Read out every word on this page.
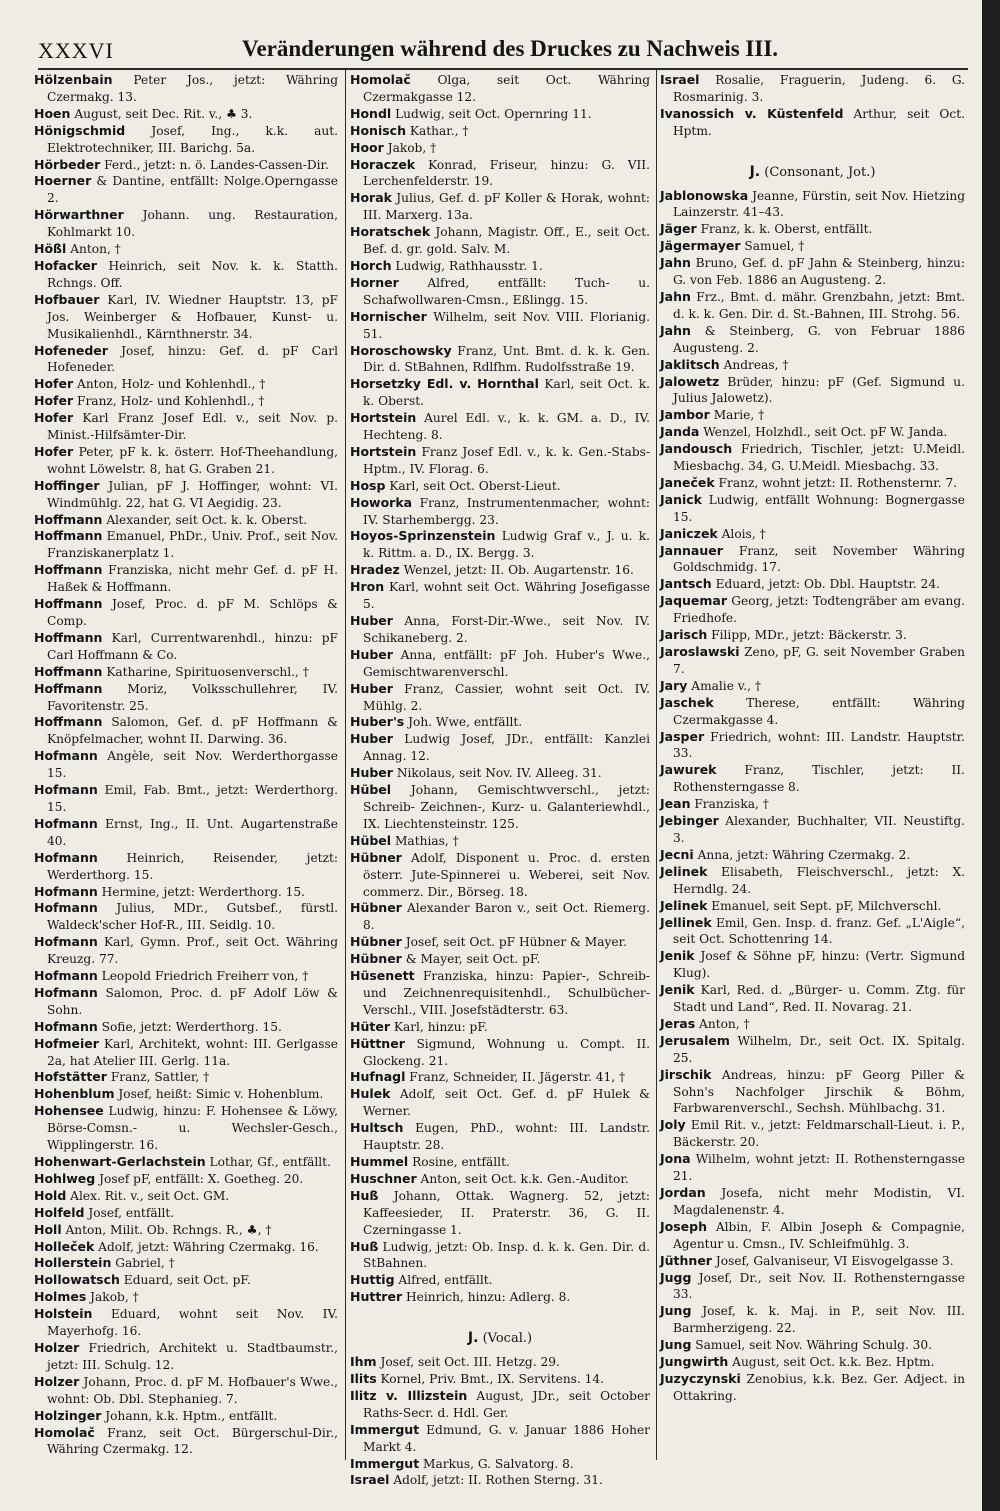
XXXVI	Veränderungen während des Druckes zu Nachweis III.
Hölzenbain Peter Jos., jetzt: Währing Czermakg. 13.
Hoen August, seit Dec. Rit. v., ♣ 3.
Hönigschmid Josef, Ing., k.k. aut. Elektrotechniker, III. Barichg. 5a.
Hörbeder Ferd., jetzt: n. ö. Landes-Cassen-Dir.
Hoerner & Dantine, entfällt: Nolge.Operngasse 2.
Hörwarthner Johann. ung. Restauration, Kohlmarkt 10.
Hößl Anton, †
Hofacker Heinrich, seit Nov. k. k. Statth. Rchngs. Off.
Hofbauer Karl, IV. Wiedner Hauptstr. 13, pF Jos. Weinberger & Hofbauer, Kunst- u. Musikalienhdl., Kärnthnerstr. 34.
Hofeneder Josef, hinzu: Gef. d. pF Carl Hofeneder.
Hofer Anton, Holz- und Kohlenhdl., †
Hofer Franz, Holz- und Kohlenhdl., †
Hofer Karl Franz Josef Edl. v., seit Nov. p. Minist.-Hilfsämter-Dir.
Hofer Peter, pF k. k. österr. Hof-Theehandlung, wohnt Löwelstr. 8, hat G. Graben 21.
Hoffinger Julian, pF J. Hoffinger, wohnt: VI. Windmühlg. 22, hat G. VI Aegidig. 23.
Hoffmann Alexander, seit Oct. k. k. Oberst.
Hoffmann Emanuel, PhDr., Univ. Prof., seit Nov. Franziskanerplatz 1.
Hoffmann Franziska, nicht mehr Gef. d. pF H. Haßek & Hoffmann.
Hoffmann Josef, Proc. d. pF M. Schlöps & Comp.
Hoffmann Karl, Currentwarenhdl., hinzu: pF Carl Hoffmann & Co.
Hoffmann Katharine, Spirituosenverschl., †
Hoffmann Moriz, Volksschullehrer, IV. Favoritenstr. 25.
Hoffmann Salomon, Gef. d. pF Hoffmann & Knöpfelmacher, wohnt II. Darwing. 36.
Hofmann Angèle, seit Nov. Werderthorgasse 15.
Hofmann Emil, Fab. Bmt., jetzt: Werderthorg. 15.
Hofmann Ernst, Ing., II. Unt. Augartenstraße 40.
Hofmann Heinrich, Reisender, jetzt: Werderthorg. 15.
Hofmann Hermine, jetzt: Werderthorg. 15.
Hofmann Julius, MDr., Gutsbef., fürstl. Waldeck'scher Hof-R., III. Seidlg. 10.
Hofmann Karl, Gymn. Prof., seit Oct. Währing Kreuzg. 77.
Hofmann Leopold Friedrich Freiherr von, †
Hofmann Salomon, Proc. d. pF Adolf Löw & Sohn.
Hofmann Sofie, jetzt: Werderthorg. 15.
Hofmeier Karl, Architekt, wohnt: III. Gerlgasse 2a, hat Atelier III. Gerlg. 11a.
Hofstätter Franz, Sattler, †
Hohenblum Josef, heißt: Simic v. Hohenblum.
Hohensee Ludwig, hinzu: F. Hohensee & Löwy, Börse-Comsn.- u. Wechsler-Gesch., Wipplingerstr. 16.
Hohenwart-Gerlachstein Lothar, Gf., entfällt.
Hohlweg Josef pF, entfällt: X. Goetheg. 20.
Hold Alex. Rit. v., seit Oct. GM.
Holfeld Josef, entfällt.
Holl Anton, Milit. Ob. Rchngs. R., ♣, †
Holleček Adolf, jetzt: Währing Czermakg. 16.
Hollerstein Gabriel, †
Hollowatsch Eduard, seit Oct. pF.
Holmes Jakob, †
Holstein Eduard, wohnt seit Nov. IV. Mayerhofg. 16.
Holzer Friedrich, Architekt u. Stadtbaumstr., jetzt: III. Schulg. 12.
Holzer Johann, Proc. d. pF M. Hofbauer's Wwe., wohnt: Ob. Dbl. Stephanieg. 7.
Holzinger Johann, k.k. Hptm., entfällt.
Homolač Franz, seit Oct. Bürgerschul-Dir., Währing Czermakg. 12.
Homolač Olga, seit Oct. Währing Czermakgasse 12.
Hondl Ludwig, seit Oct. Opernring 11.
Honisch Kathar., †
Hoor Jakob, †
Horaczek Konrad, Friseur, hinzu: G. VII. Lerchenfelderstr. 19.
Horak Julius, Gef. d. pF Koller & Horak, wohnt: III. Marxerg. 13a.
Horatschek Johann, Magistr. Off., E., seit Oct. Bef. d. gr. gold. Salv. M.
Horch Ludwig, Rathhausstr. 1.
Horner Alfred, entfällt: Tuch- u. Schafwollwaren-Cmsn., Eßlingg. 15.
Hornischer Wilhelm, seit Nov. VIII. Florianig. 51.
Horoschowsky Franz, Unt. Bmt. d. k. k. Gen. Dir. d. StBahnen, Rdlfhm. Rudolfsstraße 19.
Horsetzky Edl. v. Hornthal Karl, seit Oct. k. k. Oberst.
Hortstein Aurel Edl. v., k. k. GM. a. D., IV. Hechteng. 8.
Hortstein Franz Josef Edl. v., k. k. Gen.-Stabs-Hptm., IV. Florag. 6.
Hosp Karl, seit Oct. Oberst-Lieut.
Howorka Franz, Instrumentenmacher, wohnt: IV. Starhembergg. 23.
Hoyos-Sprinzenstein Ludwig Graf v., J. u. k. k. Rittm. a. D., IX. Bergg. 3.
Hradez Wenzel, jetzt: II. Ob. Augartenstr. 16.
Hron Karl, wohnt seit Oct. Währing Josefigasse 5.
Huber Anna, Forst-Dir.-Wwe., seit Nov. IV. Schikaneberg. 2.
Huber Anna, entfällt: pF Joh. Huber's Wwe., Gemischtwarenverschl.
Huber Franz, Cassier, wohnt seit Oct. IV. Mühlg. 2.
Huber's Joh. Wwe, entfällt.
Huber Ludwig Josef, JDr., entfällt: Kanzlei Annag. 12.
Huber Nikolaus, seit Nov. IV. Alleeg. 31.
Hübel Johann, Gemischtwverschl., jetzt: Schreib- Zeichnen-, Kurz- u. Galanteriewhdl., IX. Liechtensteinstr. 125.
Hübel Mathias, †
Hübner Adolf, Disponent u. Proc. d. ersten österr. Jute-Spinnerei u. Weberei, seit Nov. commerz. Dir., Börseg. 18.
Hübner Alexander Baron v., seit Oct. Riemerg. 8.
Hübner Josef, seit Oct. pF Hübner & Mayer.
Hübner & Mayer, seit Oct. pF.
Hüsenett Franziska, hinzu: Papier-, Schreib- und Zeichnenrequisitenhdl., Schulbücher-Verschl., VIII. Josefstädterstr. 63.
Hüter Karl, hinzu: pF.
Hüttner Sigmund, Wohnung u. Compt. II. Glockeng. 21.
Hufnagl Franz, Schneider, II. Jägerstr. 41, †
Hulek Adolf, seit Oct. Gef. d. pF Hulek & Werner.
Hultsch Eugen, PhD., wohnt: III. Landstr. Hauptstr. 28.
Hummel Rosine, entfällt.
Huschner Anton, seit Oct. k.k. Gen.-Auditor.
Huß Johann, Ottak. Wagnerg. 52, jetzt: Kaffeesieder, II. Praterstr. 36, G. II. Czerningasse 1.
Huß Ludwig, jetzt: Ob. Insp. d. k. k. Gen. Dir. d. StBahnen.
Huttig Alfred, entfällt.
Huttrer Heinrich, hinzu: Adlerg. 8.
J. (Vocal.)
Ihm Josef, seit Oct. III. Hetzg. 29.
Ilits Kornel, Priv. Bmt., IX. Servitens. 14.
Ilitz v. Illizstein August, JDr., seit October Raths-Secr. d. Hdl. Ger.
Immergut Edmund, G. v. Januar 1886 Hoher Markt 4.
Immergut Markus, G. Salvatorg. 8.
Israel Adolf, jetzt: II. Rothen Sterng. 31.
Israel Rosalie, Fraguerin, Judeng. 6. G. Rosmarinig. 3.
Ivanossich v. Küstenfeld Arthur, seit Oct. Hptm.
J. (Consonant, Jot.)
Jablonowska Jeanne, Fürstin, seit Nov. Hietzing Lainzerstr. 41–43.
Jäger Franz, k. k. Oberst, entfällt.
Jägermayer Samuel, †
Jahn Bruno, Gef. d. pF Jahn & Steinberg, hinzu: G. von Feb. 1886 an Augusteng. 2.
Jahn Frz., Bmt. d. mähr. Grenzbahn, jetzt: Bmt. d. k. k. Gen. Dir. d. St.-Bahnen, III. Strohg. 56.
Jahn & Steinberg, G. von Februar 1886 Augusteng. 2.
Jaklitsch Andreas, †
Jalowetz Brüder, hinzu: pF (Gef. Sigmund u. Julius Jalowetz).
Jambor Marie, †
Janda Wenzel, Holzhdl., seit Oct. pF W. Janda.
Jandousch Friedrich, Tischler, jetzt: U.Meidl. Miesbachg. 34, G. U.Meidl. Miesbachg. 33.
Janeček Franz, wohnt jetzt: II. Rothensternr. 7.
Janick Ludwig, entfällt Wohnung: Bognergasse 15.
Janiczek Alois, †
Jannauer Franz, seit November Währing Goldschmidg. 17.
Jantsch Eduard, jetzt: Ob. Dbl. Hauptstr. 24.
Jaquemar Georg, jetzt: Todtengräber am evang. Friedhofe.
Jarisch Filipp, MDr., jetzt: Bäckerstr. 3.
Jaroslawski Zeno, pF, G. seit November Graben 7.
Jary Amalie v., †
Jaschek	Therese, entfällt: Währing Czermakgasse 4.
Jasper Friedrich, wohnt: III. Landstr. Hauptstr. 33.
Jawurek Franz, Tischler, jetzt: II. Rothensterngasse 8.
Jean Franziska, †
Jebinger Alexander, Buchhalter, VII. Neustiftg. 3.
Jecni Anna, jetzt: Währing Czermakg. 2.
Jelinek Elisabeth, Fleischverschl., jetzt: X. Herndlg. 24.
Jelinek Emanuel, seit Sept. pF, Milchverschl.
Jellinek Emil, Gen. Insp. d. franz. Gef. „L'Aigle“, seit Oct. Schottenring 14.
Jenik Josef & Söhne pF, hinzu: (Vertr. Sigmund Klug).
Jenik Karl, Red. d. „Bürger- u. Comm. Ztg. für Stadt und Land“, Red. II. Novarag. 21.
Jeras Anton, †
Jerusalem Wilhelm, Dr., seit Oct. IX. Spitalg. 25.
Jirschik Andreas, hinzu: pF Georg Piller & Sohn's Nachfolger Jirschik & Böhm, Farbwarenverschl., Sechsh. Mühlbachg. 31.
Joly Emil Rit. v., jetzt: Feldmarschall-Lieut. i. P., Bäckerstr. 20.
Jona Wilhelm, wohnt jetzt: II. Rothensterngasse 21.
Jordan Josefa, nicht mehr Modistin, VI. Magdalenenstr. 4.
Joseph Albin, F. Albin Joseph & Compagnie, Agentur u. Cmsn., IV. Schleifmühlg. 3.
Jüthner Josef, Galvaniseur, VI Eisvogelgasse 3.
Jugg Josef, Dr., seit Nov. II. Rothensterngasse 33.
Jung Josef, k. k. Maj. in P., seit Nov. III. Barmherzigeng. 22.
Jung Samuel, seit Nov. Währing Schulg. 30.
Jungwirth August, seit Oct. k.k. Bez. Hptm.
Juzyczynski Zenobius, k.k. Bez. Ger. Adject. in Ottakring.
